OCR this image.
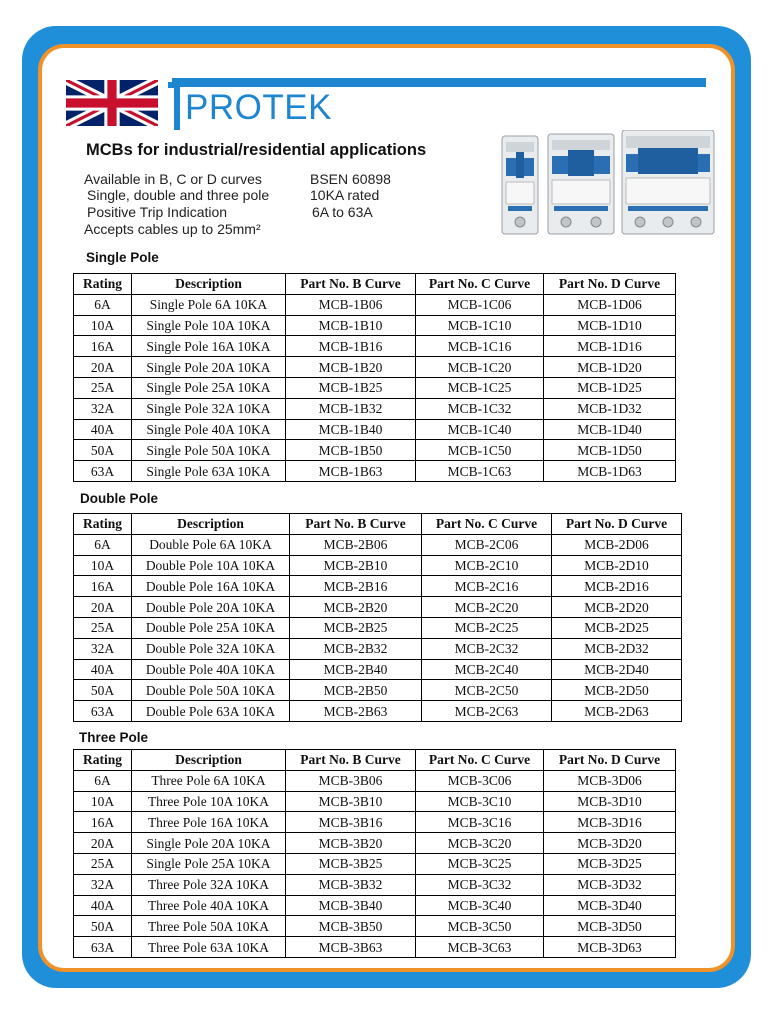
PROTEK
MCBs for industrial/residential applications
Available in B, C or D curves	BSEN 60898
Single, double and three pole	10KA rated
Positive Trip Indication	6A to 63A
Accepts cables up to 25mm²
Single Pole
Rating	Description	Part No. B Curve	Part No. C Curve	Part No. D Curve
6A	Single Pole 6A 10KA	MCB-1B06	MCB-1C06	MCB-1D06
10A	Single Pole 10A 10KA	MCB-1B10	MCB-1C10	MCB-1D10
16A	Single Pole 16A 10KA	MCB-1B16	MCB-1C16	MCB-1D16
20A	Single Pole 20A 10KA	MCB-1B20	MCB-1C20	MCB-1D20
25A	Single Pole 25A 10KA	MCB-1B25	MCB-1C25	MCB-1D25
32A	Single Pole 32A 10KA	MCB-1B32	MCB-1C32	MCB-1D32
40A	Single Pole 40A 10KA	MCB-1B40	MCB-1C40	MCB-1D40
50A	Single Pole 50A 10KA	MCB-1B50	MCB-1C50	MCB-1D50
63A	Single Pole 63A 10KA	MCB-1B63	MCB-1C63	MCB-1D63
Double Pole
Rating	Description	Part No. B Curve	Part No. C Curve	Part No. D Curve
6A	Double Pole 6A 10KA	MCB-2B06	MCB-2C06	MCB-2D06
10A	Double Pole 10A 10KA	MCB-2B10	MCB-2C10	MCB-2D10
16A	Double Pole 16A 10KA	MCB-2B16	MCB-2C16	MCB-2D16
20A	Double Pole 20A 10KA	MCB-2B20	MCB-2C20	MCB-2D20
25A	Double Pole 25A 10KA	MCB-2B25	MCB-2C25	MCB-2D25
32A	Double Pole 32A 10KA	MCB-2B32	MCB-2C32	MCB-2D32
40A	Double Pole 40A 10KA	MCB-2B40	MCB-2C40	MCB-2D40
50A	Double Pole 50A 10KA	MCB-2B50	MCB-2C50	MCB-2D50
63A	Double Pole 63A 10KA	MCB-2B63	MCB-2C63	MCB-2D63
Three Pole
Rating	Description	Part No. B Curve	Part No. C Curve	Part No. D Curve
6A	Three Pole 6A 10KA	MCB-3B06	MCB-3C06	MCB-3D06
10A	Three Pole 10A 10KA	MCB-3B10	MCB-3C10	MCB-3D10
16A	Three Pole 16A 10KA	MCB-3B16	MCB-3C16	MCB-3D16
20A	Single Pole 20A 10KA	MCB-3B20	MCB-3C20	MCB-3D20
25A	Single Pole 25A 10KA	MCB-3B25	MCB-3C25	MCB-3D25
32A	Three Pole 32A 10KA	MCB-3B32	MCB-3C32	MCB-3D32
40A	Three Pole 40A 10KA	MCB-3B40	MCB-3C40	MCB-3D40
50A	Three Pole 50A 10KA	MCB-3B50	MCB-3C50	MCB-3D50
63A	Three Pole 63A 10KA	MCB-3B63	MCB-3C63	MCB-3D63
